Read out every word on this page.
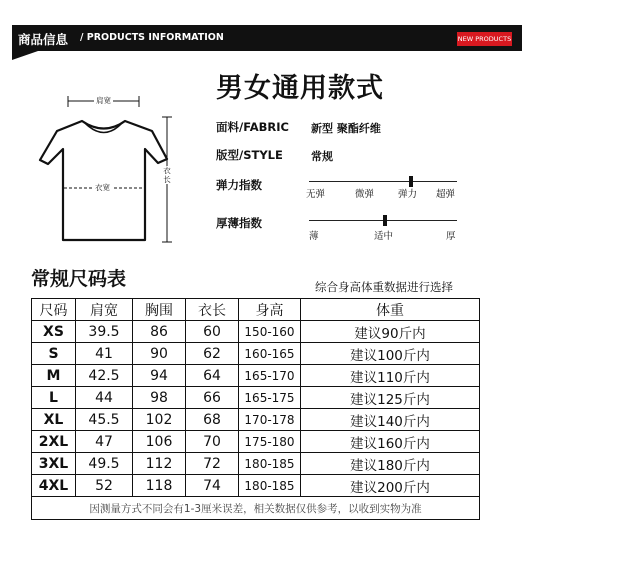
商品信息 / PRODUCTS INFORMATION	NEW PRODUCTS
肩宽
衣宽
衣长
男女通用款式
面料/FABRIC 新型 聚酯纤维
版型/STYLE	常规
弹力指数
无弹	微弹	弹力 超弹
厚薄指数
薄	适中	厚
常规尺码表	综合身高体重数据进行选择
尺码	肩宽	胸围	衣长	身高	体重
XS	39.5	86	60	150-160	建议90斤内
S	41	90	62	160-165	建议100斤内
M	42.5	94	64	165-170	建议110斤内
L	44	98	66	165-175	建议125斤内
XL	45.5	102	68	170-178	建议140斤内
2XL	47	106	70	175-180	建议160斤内
3XL	49.5	112	72	180-185	建议180斤内
4XL	52	118	74	180-185	建议200斤内
因测量方式不同会有1-3厘米误差，相关数据仅供参考，以收到实物为准					
